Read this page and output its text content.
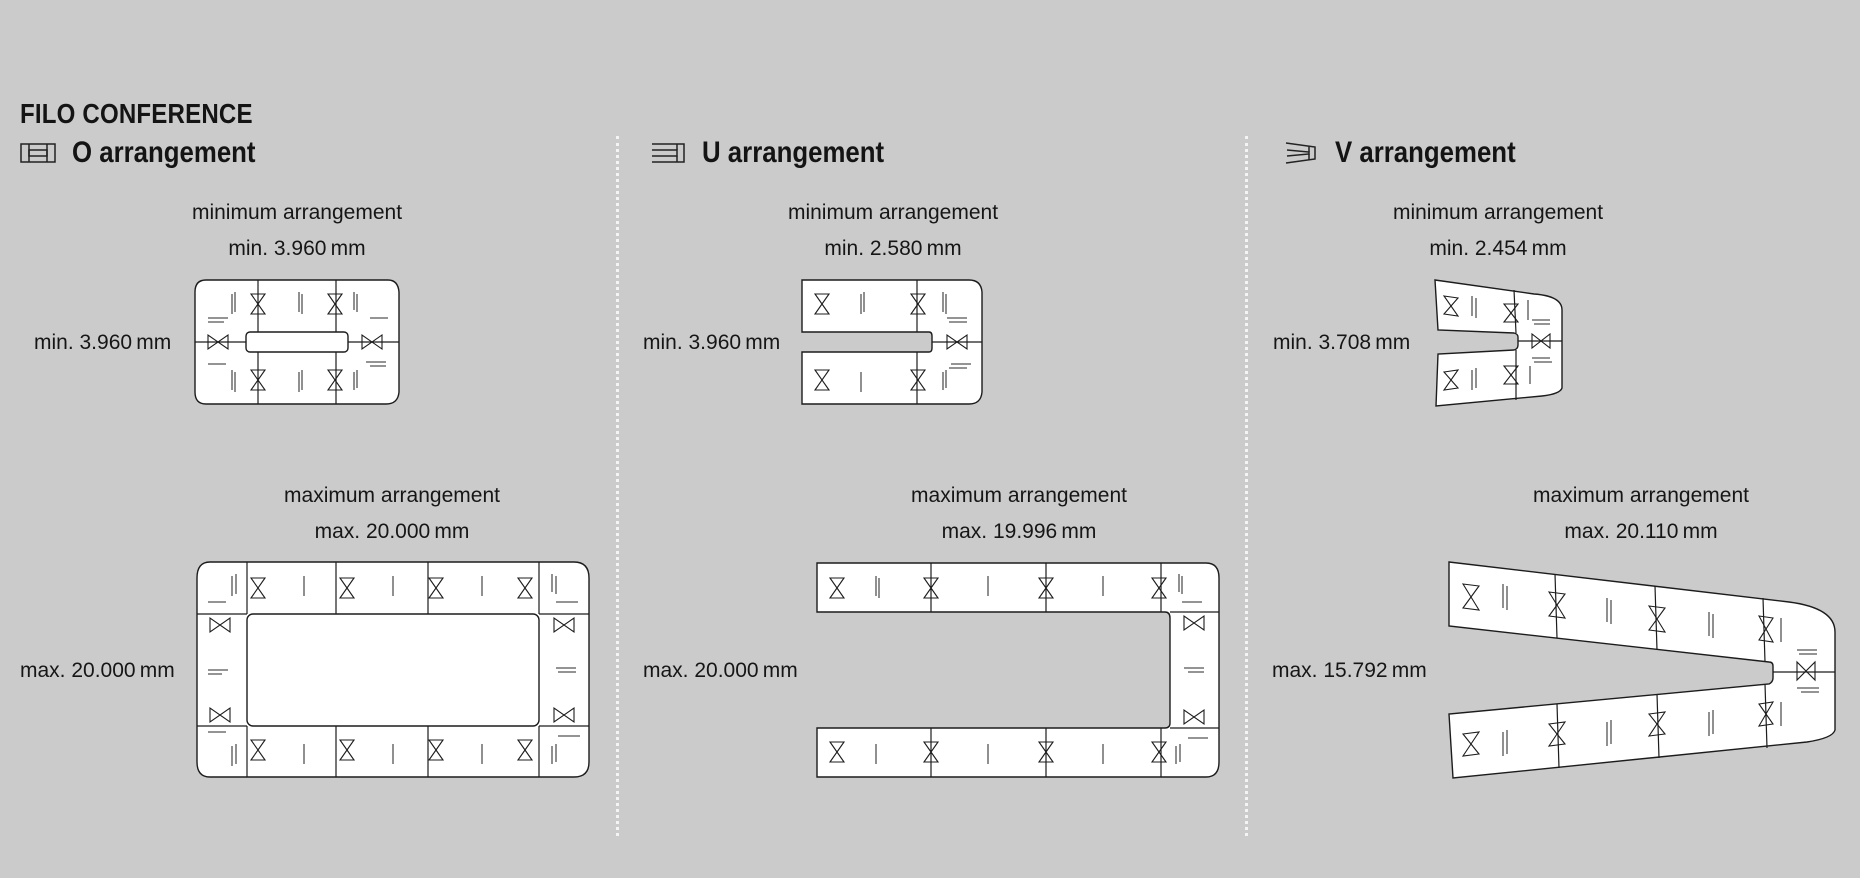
FILO CONFERENCE
O arrangement	U arrangement	V arrangement
minimum arrangement
min. 3.960 mm
min. 3.960 mm
maximum arrangement
max. 20.000 mm
max. 20.000 mm
minimum arrangement
min. 2.580 mm
min. 3.960 mm
maximum arrangement
max. 19.996 mm
max. 20.000 mm
minimum arrangement
min. 2.454 mm
min. 3.708 mm
maximum arrangement
max. 20.110 mm
max. 15.792 mm
